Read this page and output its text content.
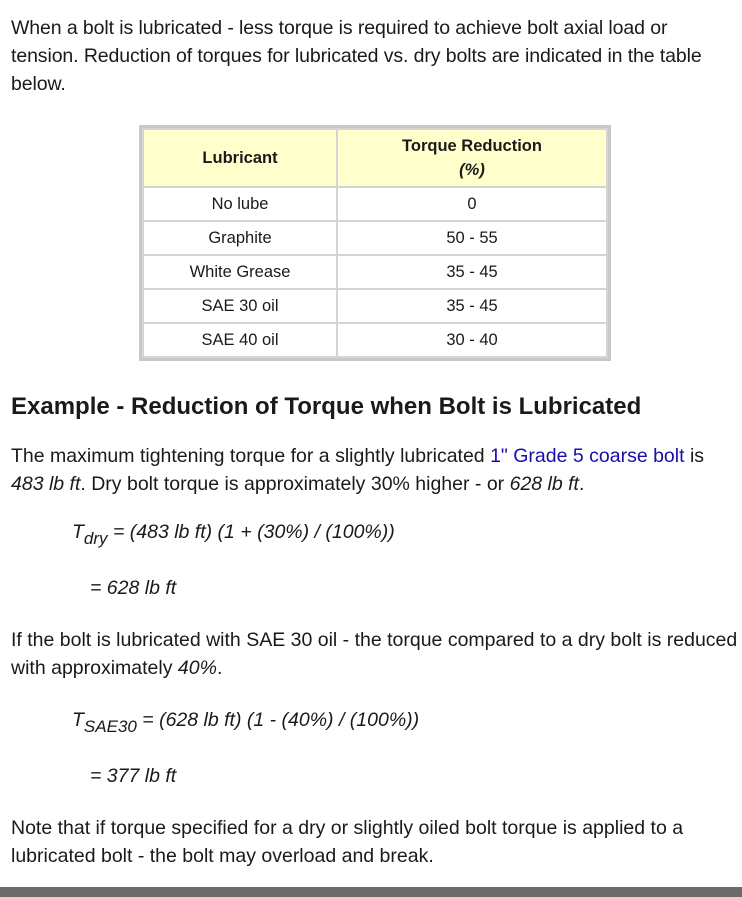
When a bolt is lubricated - less torque is required to achieve bolt axial load or tension. Reduction of torques for lubricated vs. dry bolts are indicated in the table below.

Lubricant	Torque Reduction
(%)

No lube	0
Graphite	50 - 55
White Grease	35 - 45
SAE 30 oil	35 - 45
SAE 40 oil	30 - 40
Example - Reduction of Torque when Bolt is Lubricated

The maximum tightening torque for a slightly lubricated 1" Grade 5 coarse bolt is 483 lb ft. Dry bolt torque is approximately 30% higher - or 628 lb ft.

$T_{dry} = (483$ lb ft) (1 + (30%) / (100%))
= 628 lb ft

If the bolt is lubricated with SAE 30 oil - the torque compared to a dry bolt is reduced with approximately 40%.

$T_{SAE30} = (628$ lb ft) (1 - (40%) / (100%))
= 377 lb ft

Note that if torque specified for a dry or slightly oiled bolt torque is applied to a lubricated bolt - the bolt may overload and break.
